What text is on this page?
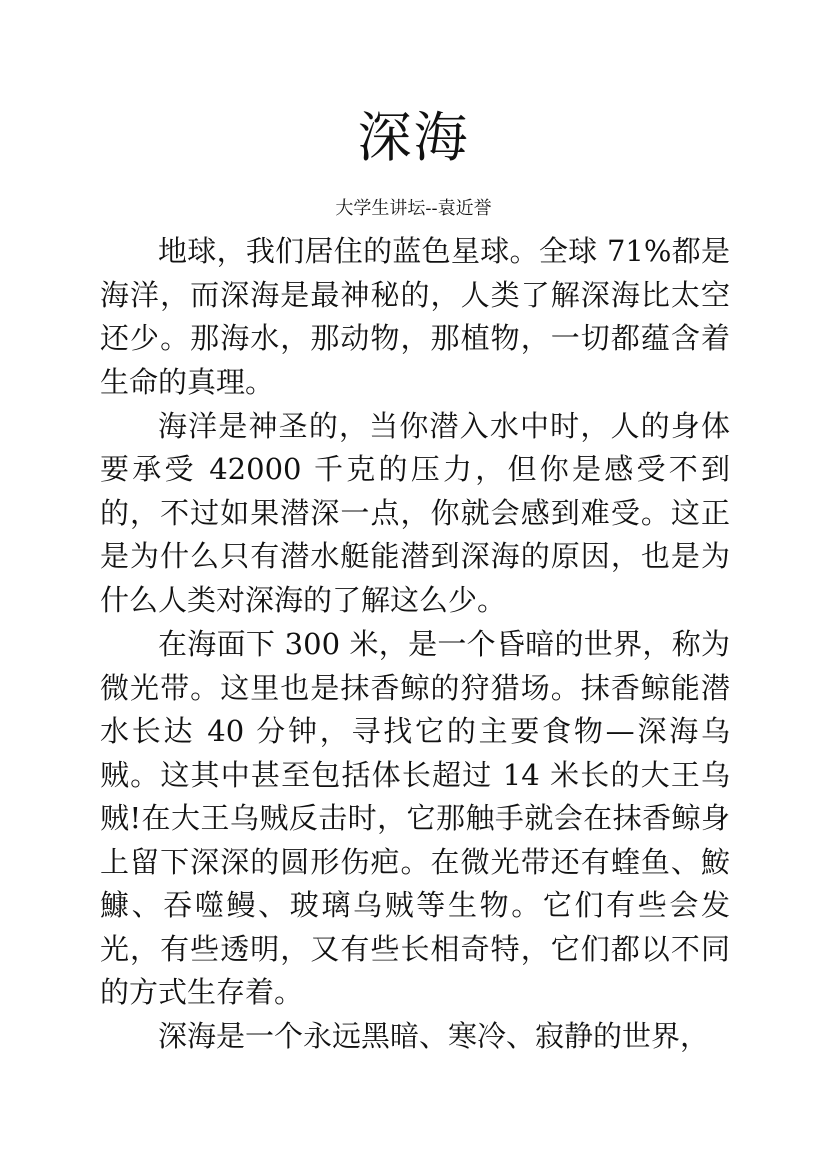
深海
大学生讲坛--袁近誉

地球，我们居住的蓝色星球。全球 71%都是海洋，而深海是最神秘的，人类了解深海比太空还少。那海水，那动物，那植物，一切都蕴含着生命的真理。

海洋是神圣的，当你潜入水中时，人的身体要承受 42000 千克的压力，但你是感受不到的，不过如果潜深一点，你就会感到难受。这正是为什么只有潜水艇能潜到深海的原因，也是为什么人类对深海的了解这么少。

在海面下 300 米，是一个昏暗的世界，称为微光带。这里也是抹香鲸的狩猎场。抹香鲸能潜水长达 40 分钟，寻找它的主要食物—深海乌贼。这其中甚至包括体长超过 14 米长的大王乌贼!在大王乌贼反击时，它那触手就会在抹香鲸身上留下深深的圆形伤疤。在微光带还有蝰鱼、鮟鱇、吞噬鳗、玻璃乌贼等生物。它们有些会发光，有些透明，又有些长相奇特，它们都以不同的方式生存着。

深海是一个永远黑暗、寒冷、寂静的世界，
